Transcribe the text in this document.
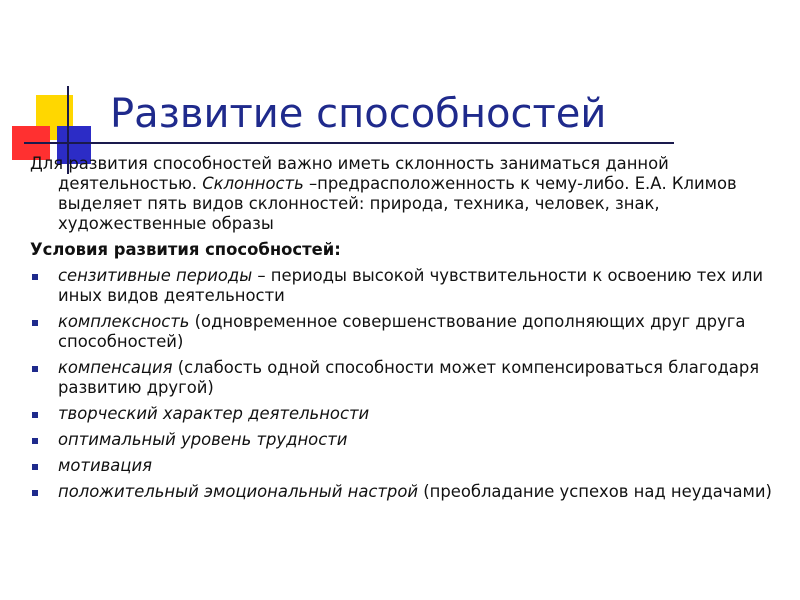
Развитие способностей

Для развития способностей важно иметь склонность заниматься данной деятельностью. Склонность –предрасположенность к чему-либо. Е.А. Климов выделяет пять видов склонностей: природа, техника, человек, знак, художественные образы

Условия развития способностей:

сензитивные периоды – периоды высокой чувствительности к освоению тех или иных видов деятельности
комплексность (одновременное совершенствование дополняющих друг друга способностей)
компенсация (слабость одной способности может компенсироваться благодаря развитию другой)
творческий характер деятельности
оптимальный уровень трудности
мотивация
положительный эмоциональный настрой (преобладание успехов над неудачами)
